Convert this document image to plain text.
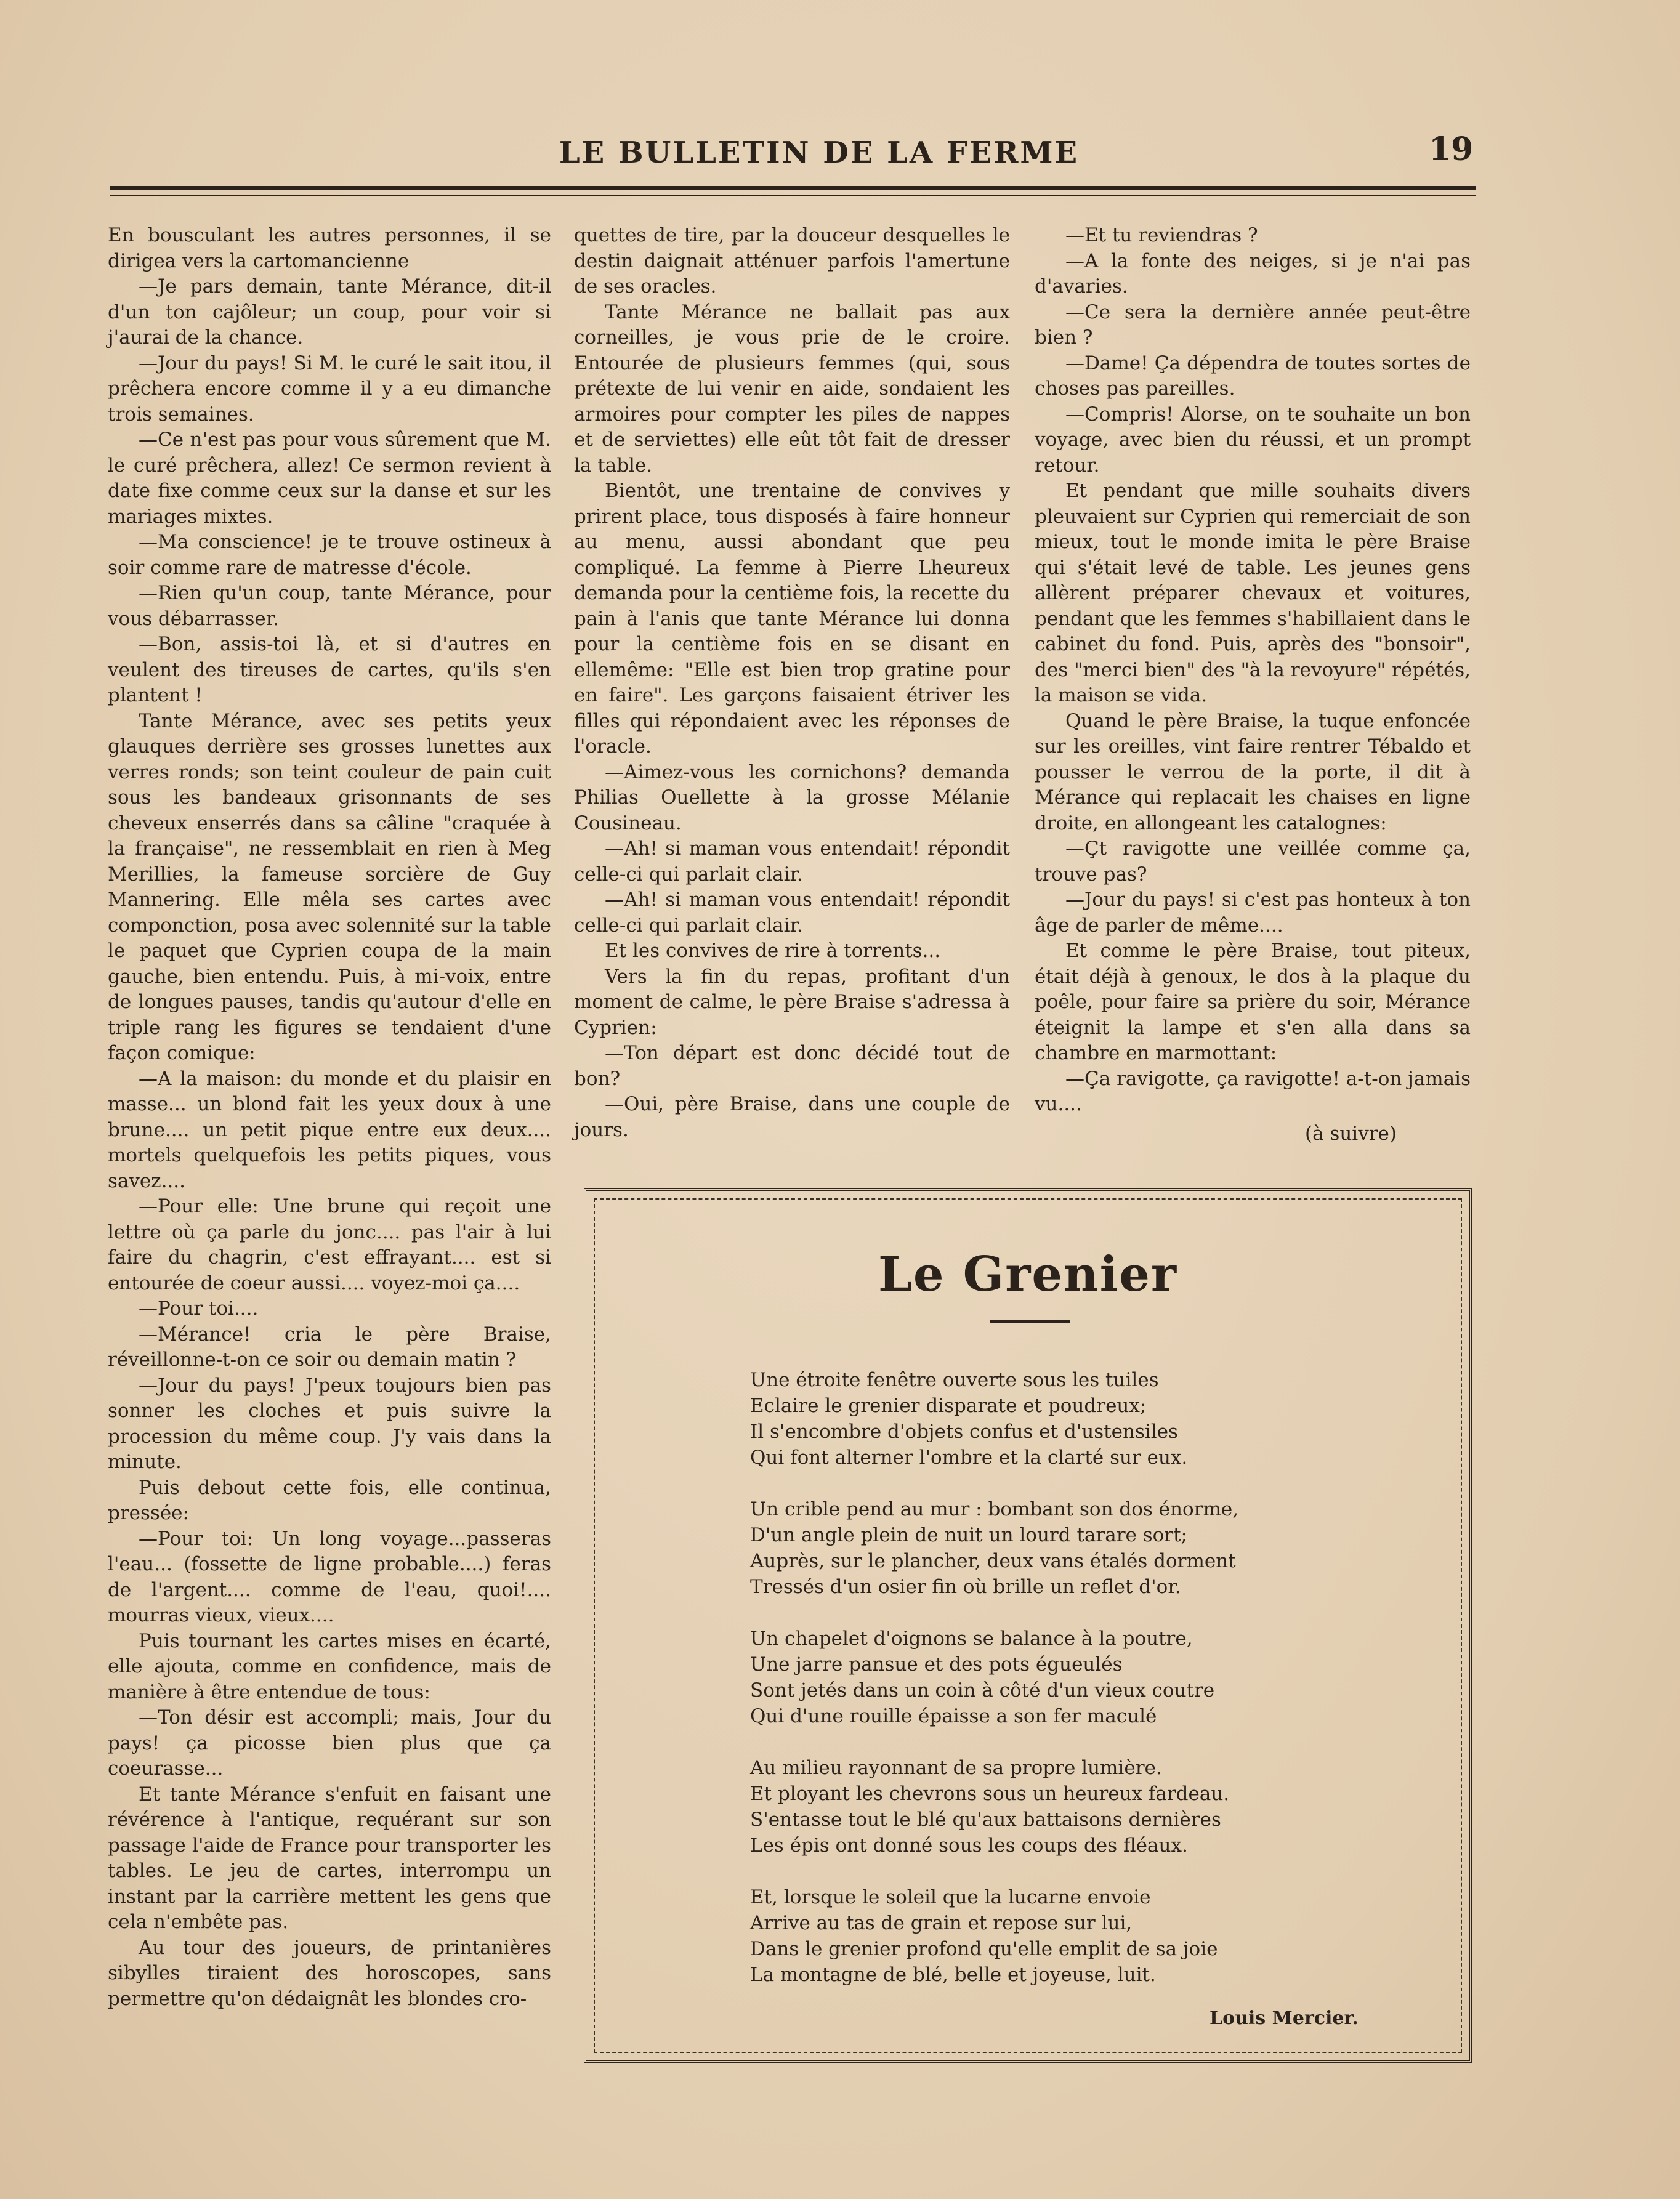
LE BULLETIN DE LA FERME	19

En bousculant les autres personnes, il se dirigea vers la cartomancienne

—Je pars demain, tante Mérance, dit-il d'un ton cajôleur; un coup, pour voir si j'aurai de la chance.

—Jour du pays! Si M. le curé le sait itou, il prêchera encore comme il y a eu dimanche trois semaines.

—Ce n'est pas pour vous sûrement que M. le curé prêchera, allez! Ce sermon revient à date fixe comme ceux sur la danse et sur les mariages mixtes.

—Ma conscience! je te trouve ostineux à soir comme rare de matresse d'école.

—Rien qu'un coup, tante Mérance, pour vous débarrasser.

—Bon, assis-toi là, et si d'autres en veulent des tireuses de cartes, qu'ils s'en plantent !

Tante Mérance, avec ses petits yeux glauques derrière ses grosses lunettes aux verres ronds; son teint couleur de pain cuit sous les bandeaux grisonnants de ses cheveux enserrés dans sa câline "craquée à la française", ne ressemblait en rien à Meg Merillies, la fameuse sorcière de Guy Mannering. Elle mêla ses cartes avec componction, posa avec solennité sur la table le paquet que Cyprien coupa de la main gauche, bien entendu. Puis, à mi-voix, entre de longues pauses, tandis qu'autour d'elle en triple rang les figures se tendaient d'une façon comique:

—A la maison: du monde et du plaisir en masse... un blond fait les yeux doux à une brune.... un petit pique entre eux deux.... mortels quelquefois les petits piques, vous savez....

—Pour elle: Une brune qui reçoit une lettre où ça parle du jonc.... pas l'air à lui faire du chagrin, c'est effrayant.... est si entourée de coeur aussi.... voyez-moi ça....

—Pour toi....

—Mérance! cria le père Braise, réveillonne-t-on ce soir ou demain matin ?

—Jour du pays! J'peux toujours bien pas sonner les cloches et puis suivre la procession du même coup. J'y vais dans la minute.

Puis debout cette fois, elle continua, pressée:

—Pour toi: Un long voyage...passeras l'eau... (fossette de ligne probable....) feras de l'argent.... comme de l'eau, quoi!.... mourras vieux, vieux....

Puis tournant les cartes mises en écarté, elle ajouta, comme en confidence, mais de manière à être entendue de tous:

—Ton désir est accompli; mais, Jour du pays! ça picosse bien plus que ça coeurasse...

Et tante Mérance s'enfuit en faisant une révérence à l'antique, requérant sur son passage l'aide de France pour transporter les tables. Le jeu de cartes, interrompu un instant par la carrière mettent les gens que cela n'embête pas.

Au tour des joueurs, de printanières sibylles tiraient des horoscopes, sans permettre qu'on dédaignât les blondes cro-

quettes de tire, par la douceur desquelles le destin daignait atténuer parfois l'amertune de ses oracles.

Tante Mérance ne ballait pas aux corneilles, je vous prie de le croire. Entourée de plusieurs femmes (qui, sous prétexte de lui venir en aide, sondaient les armoires pour compter les piles de nappes et de serviettes) elle eût tôt fait de dresser la table.

Bientôt, une trentaine de convives y prirent place, tous disposés à faire honneur au menu, aussi abondant que peu compliqué. La femme à Pierre Lheureux demanda pour la centième fois, la recette du pain à l'anis que tante Mérance lui donna pour la centième fois en se disant en ellemême: "Elle est bien trop gratine pour en faire". Les garçons faisaient étriver les filles qui répondaient avec les réponses de l'oracle.

—Aimez-vous les cornichons? demanda Philias Ouellette à la grosse Mélanie Cousineau.

—Ah! si maman vous entendait! répondit celle-ci qui parlait clair.

—Ah! si maman vous entendait! répondit celle-ci qui parlait clair.

Et les convives de rire à torrents...

Vers la fin du repas, profitant d'un moment de calme, le père Braise s'adressa à Cyprien:

—Ton départ est donc décidé tout de bon?

—Oui, père Braise, dans une couple de jours.

—Et tu reviendras ?

—A la fonte des neiges, si je n'ai pas d'avaries.

—Ce sera la dernière année peut-être bien ?

—Dame! Ça dépendra de toutes sortes de choses pas pareilles.

—Compris! Alorse, on te souhaite un bon voyage, avec bien du réussi, et un prompt retour.

Et pendant que mille souhaits divers pleuvaient sur Cyprien qui remerciait de son mieux, tout le monde imita le père Braise qui s'était levé de table. Les jeunes gens allèrent préparer chevaux et voitures, pendant que les femmes s'habillaient dans le cabinet du fond. Puis, après des "bonsoir", des "merci bien" des "à la revoyure" répétés, la maison se vida.

Quand le père Braise, la tuque enfoncée sur les oreilles, vint faire rentrer Tébaldo et pousser le verrou de la porte, il dit à Mérance qui replacait les chaises en ligne droite, en allongeant les catalognes:

—Çt ravigotte une veillée comme ça, trouve pas?

—Jour du pays! si c'est pas honteux à ton âge de parler de même....

Et comme le père Braise, tout piteux, était déjà à genoux, le dos à la plaque du poêle, pour faire sa prière du soir, Mérance éteignit la lampe et s'en alla dans sa chambre en marmottant:

—Ça ravigotte, ça ravigotte! a-t-on jamais vu....

(à suivre)

Le Grenier
Une étroite fenêtre ouverte sous les tuiles
Eclaire le grenier disparate et poudreux;
Il s'encombre d'objets confus et d'ustensiles
Qui font alterner l'ombre et la clarté sur eux.
Un crible pend au mur : bombant son dos énorme,
D'un angle plein de nuit un lourd tarare sort;
Auprès, sur le plancher, deux vans étalés dorment
Tressés d'un osier fin où brille un reflet d'or.
Un chapelet d'oignons se balance à la poutre,
Une jarre pansue et des pots égueulés
Sont jetés dans un coin à côté d'un vieux coutre
Qui d'une rouille épaisse a son fer maculé
Au milieu rayonnant de sa propre lumière.
Et ployant les chevrons sous un heureux fardeau.
S'entasse tout le blé qu'aux battaisons dernières
Les épis ont donné sous les coups des fléaux.
Et, lorsque le soleil que la lucarne envoie
Arrive au tas de grain et repose sur lui,
Dans le grenier profond qu'elle emplit de sa joie
La montagne de blé, belle et joyeuse, luit.
Louis Mercier.
